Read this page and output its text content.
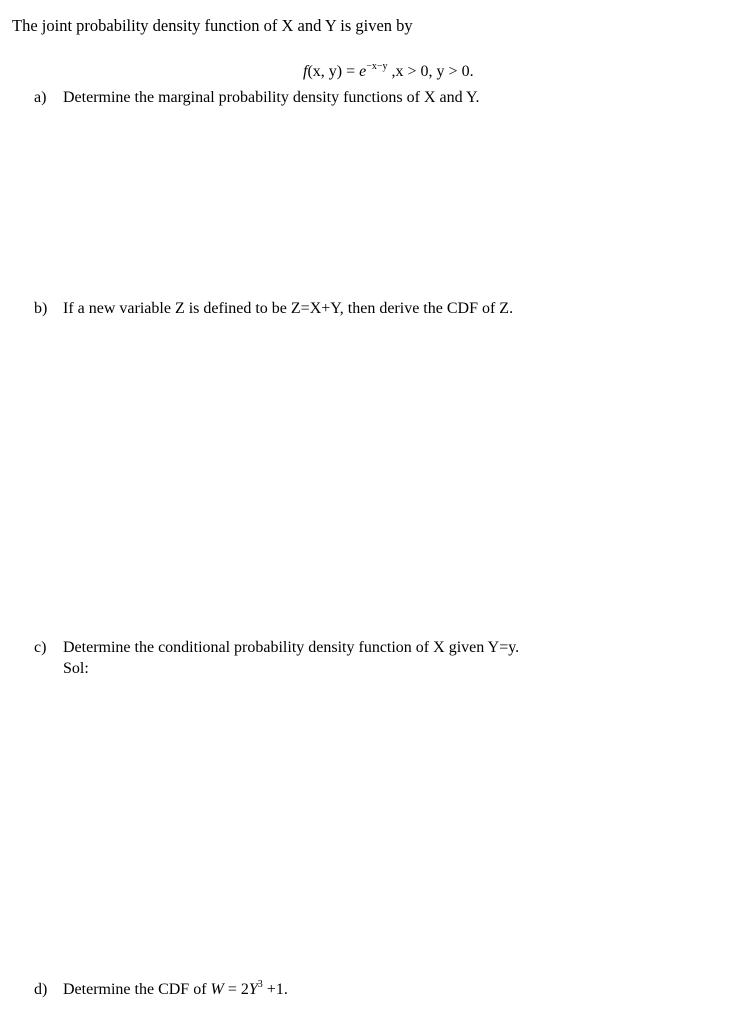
The joint probability density function of X and Y is given by
f(x, $y) = e^{-x-y}$ ,x > 0, y > 0.
a) Determine the marginal probability density functions of X and Y.
b) If a new variable Z is defined to be Z=X+Y, then derive the CDF of Z.
c) Determine the conditional probability density function of X given Y=y.
Sol:
d) Determine the CDF of $W = 2Y^3 +1$.
